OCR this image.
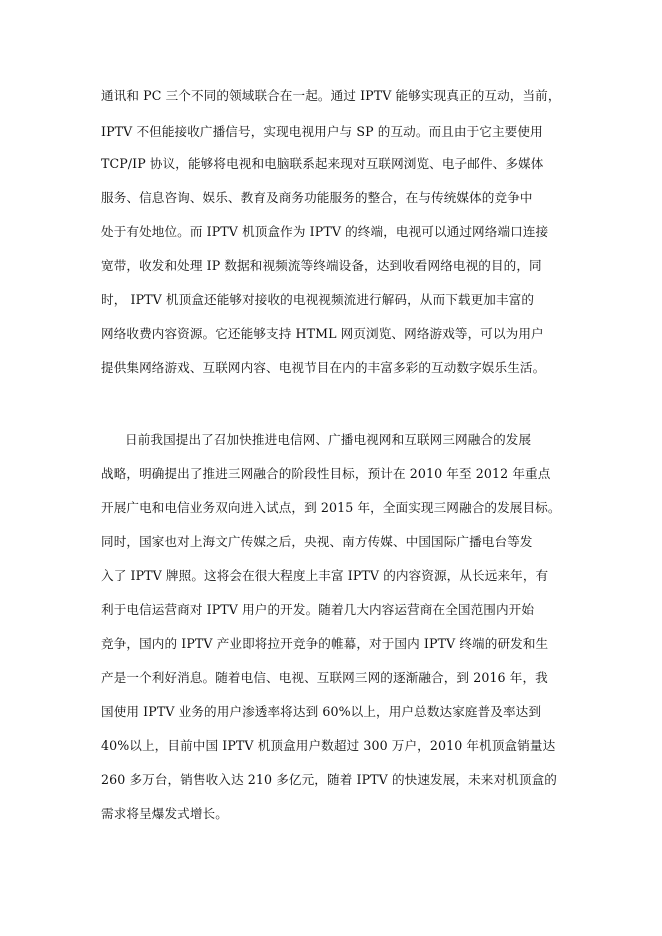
通讯和 PC 三个不同的领域联合在一起。通过 IPTV 能够实现真正的互动，当前，
IPTV 不但能接收广播信号，实现电视用户与 SP 的互动。而且由于它主要使用
TCP/IP 协议，能够将电视和电脑联系起来现对互联网浏览、电子邮件、多媒体
服务、信息咨询、娱乐、教育及商务功能服务的整合，在与传统媒体的竞争中
处于有处地位。而 IPTV 机顶盒作为 IPTV 的终端，电视可以通过网络端口连接
宽带，收发和处理 IP 数据和视频流等终端设备，达到收看网络电视的目的，同
时， IPTV 机顶盒还能够对接收的电视视频流进行解码，从而下载更加丰富的
网络收费内容资源。它还能够支持 HTML 网页浏览、网络游戏等，可以为用户
提供集网络游戏、互联网内容、电视节目在内的丰富多彩的互动数字娱乐生活。
日前我国提出了召加快推进电信网、广播电视网和互联网三网融合的发展
战略，明确提出了推进三网融合的阶段性目标，预计在 2010 年至 2012 年重点
开展广电和电信业务双向进入试点，到 2015 年，全面实现三网融合的发展目标。
同时，国家也对上海文广传媒之后，央视、南方传媒、中国国际广播电台等发
入了 IPTV 牌照。这将会在很大程度上丰富 IPTV 的内容资源，从长远来年，有
利于电信运营商对 IPTV 用户的开发。随着几大内容运营商在全国范围内开始
竞争，国内的 IPTV 产业即将拉开竞争的帷幕，对于国内 IPTV 终端的研发和生
产是一个利好消息。随着电信、电视、互联网三网的逐渐融合，到 2016 年，我
国使用 IPTV 业务的用户渗透率将达到 60%以上，用户总数达家庭普及率达到
40%以上，目前中国 IPTV 机顶盒用户数超过 300 万户，2010 年机顶盒销量达
260 多万台，销售收入达 210 多亿元，随着 IPTV 的快速发展，未来对机顶盒的
需求将呈爆发式增长。
